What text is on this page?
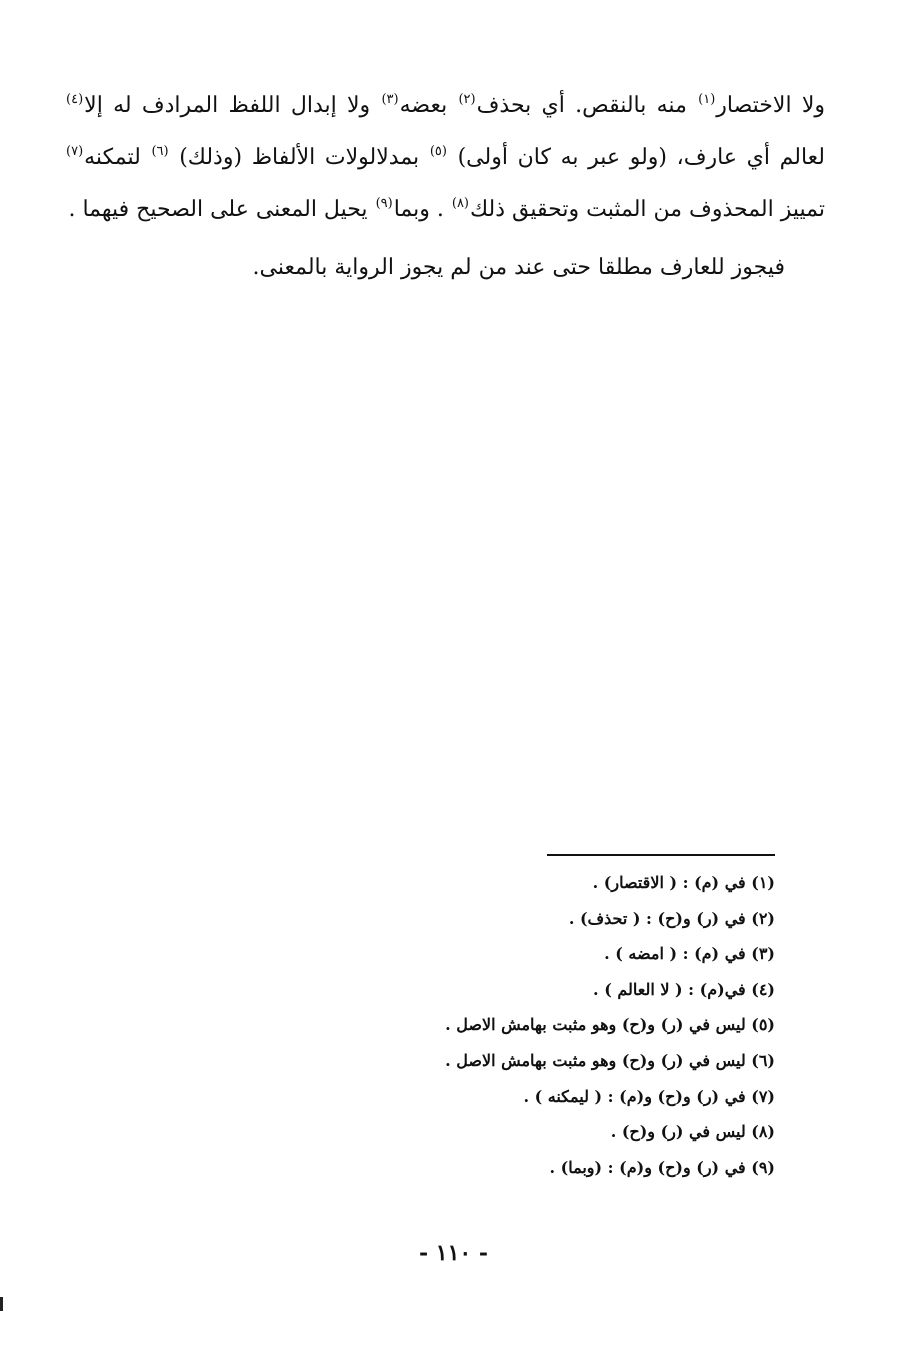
ولا الاختصار$^{(١)}$ منه بالنقص. أي بحذف$^{(٢)}$ بعضه$^{(٣)}$ ولا إبدال اللفظ المرادف له إلا$^{(٤)}$ لعالم أي عارف، (ولو عبر به كان أولى) $^{(٥)}$ بمدلالولات الألفاظ (وذلك) $^{(٦)}$ لتمكنه$^{(٧)}$ تمييز المحذوف من المثبت وتحقيق ذلك$^{(٨)}$ . وبما$^{(٩)}$ يحيل المعنى على الصحيح فيهما .

فيجوز للعارف مطلقا حتى عند من لم يجوز الرواية بالمعنى.

(١) في (م) : ( الاقتصار) .
(٢) في (ر) و(ح) : ( تحذف) .
(٣) في (م) : ( امضه ) .
(٤) في(م) : ( لا العالم ) .
(٥) ليس في (ر) و(ح) وهو مثبت بهامش الاصل .
(٦) ليس في (ر) و(ح) وهو مثبت بهامش الاصل .
(٧) في (ر) و(ح) و(م) : ( ليمكنه ) .
(٨) ليس في (ر) و(ح) .
(٩) في (ر) و(ح) و(م) : (وبما) .
- ١١٠ -
